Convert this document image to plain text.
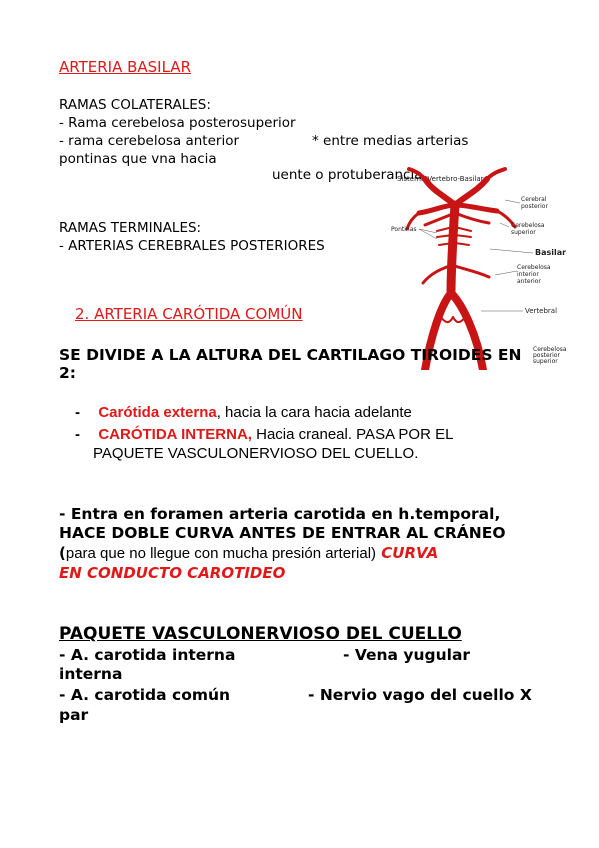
ARTERIA BASILAR
RAMAS COLATERALES:
- Rama cerebelosa posterosuperior
- rama cerebelosa anterior	* entre medias arterias
pontinas que vna hacia
uente o protuberancia
RAMAS TERMINALES:
- ARTERIAS CEREBRALES POSTERIORES
Sistema Vertebro-Basilar
Cerebral
posterior
Cerebelosa
superior
Pontinas
Basilar
Cerebelosa
interior
anterior
Vertebral
Cerebelosa
posterior
superior
2. ARTERIA CARÓTIDA COMÚN
SE DIVIDE A LA ALTURA DEL CARTILAGO TIROIDES EN
2:
- Carótida externa, hacia la cara hacia adelante
- CARÓTIDA INTERNA, Hacia craneal. PASA POR EL
PAQUETE VASCULONERVIOSO DEL CUELLO.
- Entra en foramen arteria carotida en h.temporal,
HACE DOBLE CURVA ANTES DE ENTRAR AL CRÁNEO
(para que no llegue con mucha presión arterial) CURVA
EN CONDUCTO CAROTIDEO
PAQUETE VASCULONERVIOSO DEL CUELLO
- A. carotida interna	- Vena yugular
interna
- A. carotida común	- Nervio vago del cuello X
par
